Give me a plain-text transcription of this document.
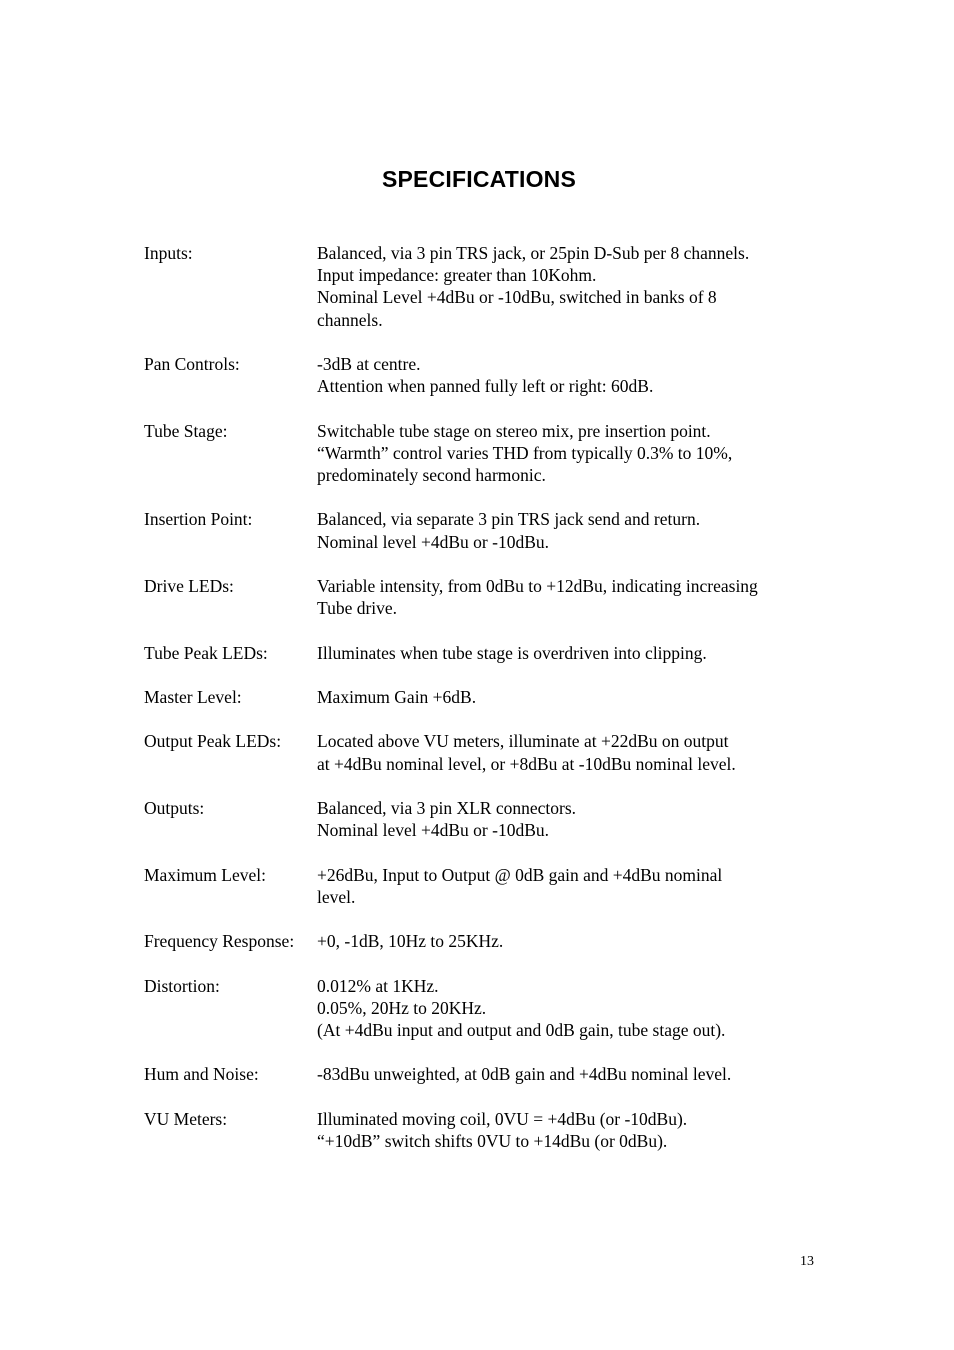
SPECIFICATIONS
Inputs:	Balanced, via 3 pin TRS jack, or 25pin D-Sub per 8 channels.
Input impedance: greater than 10Kohm.
Nominal Level +4dBu or -10dBu, switched in banks of 8
channels.
Pan Controls:	-3dB at centre.
Attention when panned fully left or right: 60dB.
Tube Stage:	Switchable tube stage on stereo mix, pre insertion point.
“Warmth” control varies THD from typically 0.3% to 10%,
predominately second harmonic.
Insertion Point:	Balanced, via separate 3 pin TRS jack send and return.
Nominal level +4dBu or -10dBu.
Drive LEDs:	Variable intensity, from 0dBu to +12dBu, indicating increasing
Tube drive.
Tube Peak LEDs:	Illuminates when tube stage is overdriven into clipping.
Master Level:	Maximum Gain +6dB.
Output Peak LEDs:	Located above VU meters, illuminate at +22dBu on output
at +4dBu nominal level, or +8dBu at -10dBu nominal level.
Outputs:	Balanced, via 3 pin XLR connectors.
Nominal level +4dBu or -10dBu.
Maximum Level:	+26dBu, Input to Output @ 0dB gain and +4dBu nominal
level.
Frequency Response:	+0, -1dB, 10Hz to 25KHz.
Distortion:	0.012% at 1KHz.
0.05%, 20Hz to 20KHz.
(At +4dBu input and output and 0dB gain, tube stage out).
Hum and Noise:	-83dBu unweighted, at 0dB gain and +4dBu nominal level.
VU Meters:	Illuminated moving coil, 0VU = +4dBu (or -10dBu).
“+10dB” switch shifts 0VU to +14dBu (or 0dBu).
13
